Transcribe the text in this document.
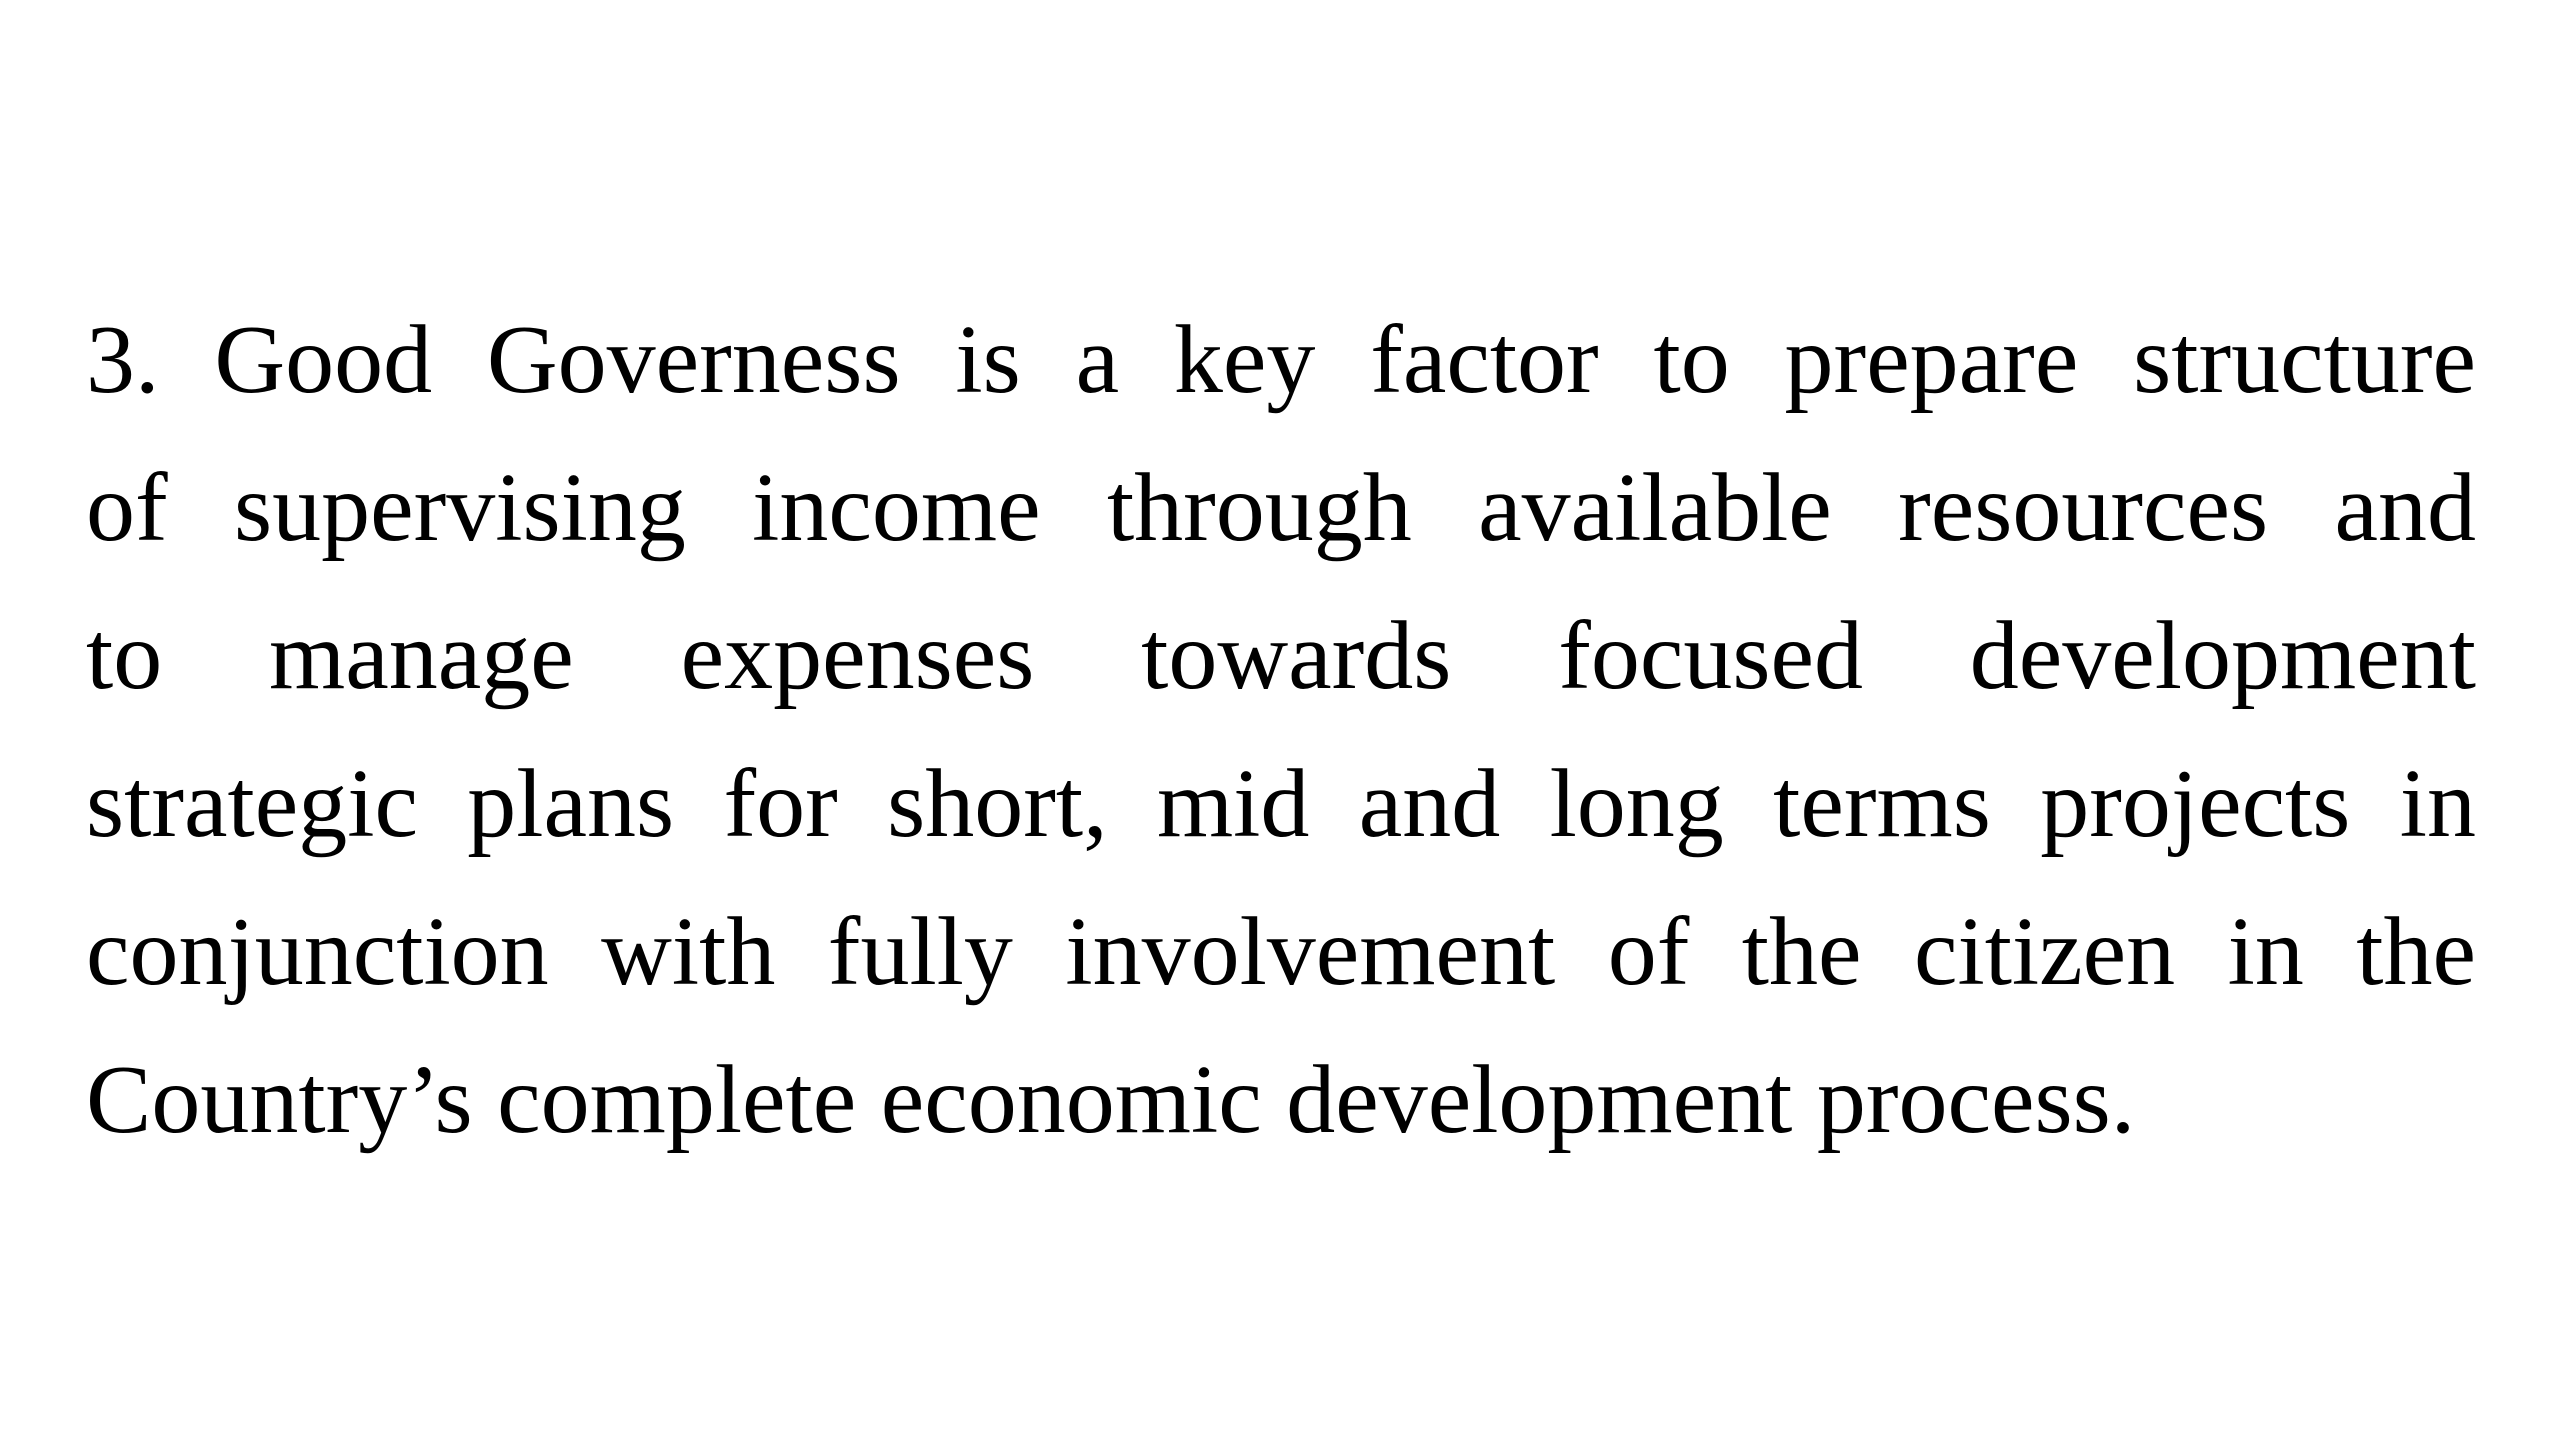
3. Good Governess is a key factor to prepare structure
of supervising income through available resources and
to manage expenses towards focused development
strategic plans for short, mid and long terms projects in
conjunction with fully involvement of the citizen in the
Country’s complete economic development process.
